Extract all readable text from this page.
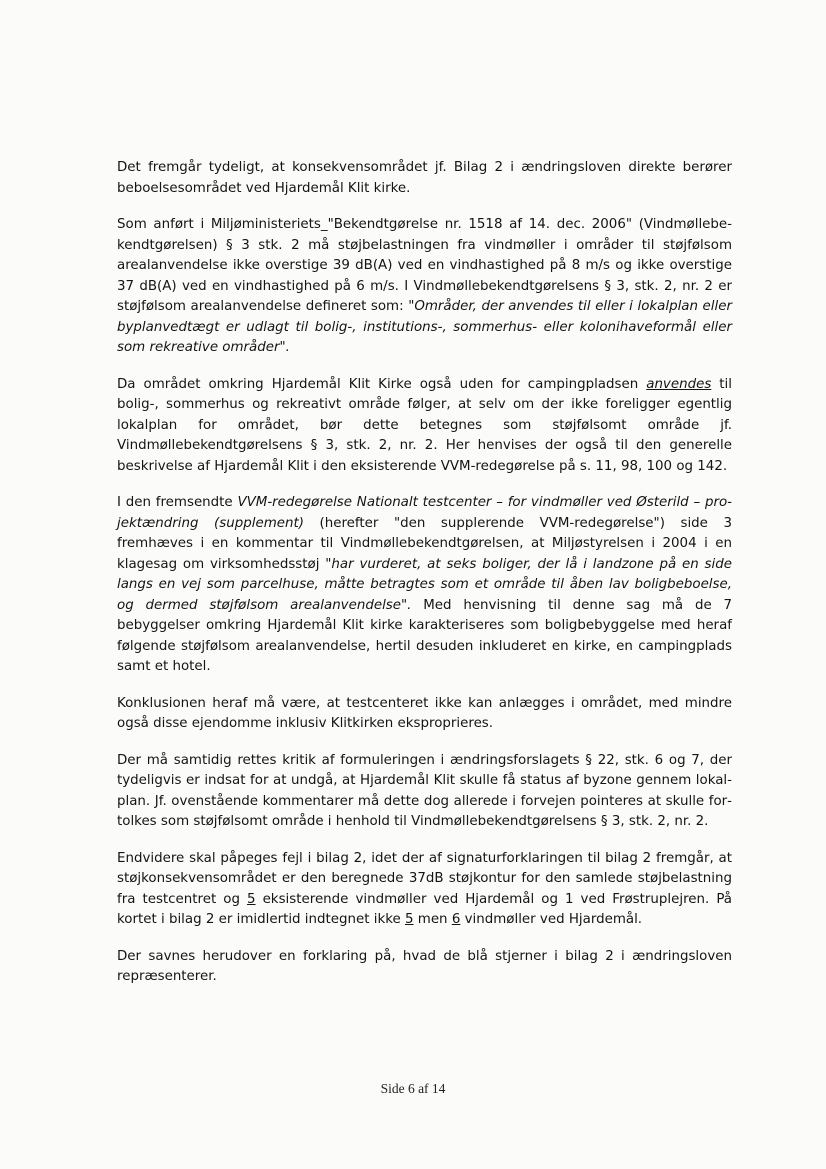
Det fremgår tydeligt, at konsekvensområdet jf. Bilag 2 i ændringsloven direkte berører beboelsesområdet ved Hjardemål Klit kirke.

Som anført i Miljøministeriets_"Bekendtgørelse nr. 1518 af 14. dec. 2006" (Vindmøllebekendtgørelsen) § 3 stk. 2 må støjbelastningen fra vindmøller i områder til støjfølsom arealanvendelse ikke overstige 39 dB(A) ved en vindhastighed på 8 m/s og ikke overstige 37 dB(A) ved en vindhastighed på 6 m/s. I Vindmøllebekendtgørelsens § 3, stk. 2, nr. 2 er støjfølsom arealanvendelse defineret som: "Områder, der anvendes til eller i lokalplan eller byplanvedtægt er udlagt til bolig-, institutions-, sommerhus- eller kolonihaveformål eller som rekreative områder".

Da området omkring Hjardemål Klit Kirke også uden for campingpladsen anvendes til bolig-, sommerhus og rekreativt område følger, at selv om der ikke foreligger egentlig lokalplan for området, bør dette betegnes som støjfølsomt område jf. Vindmøllebekendtgørelsens § 3, stk. 2, nr. 2. Her henvises der også til den generelle beskrivelse af Hjardemål Klit i den eksisterende VVM-redegørelse på s. 11, 98, 100 og 142.

I den fremsendte VVM-redegørelse Nationalt testcenter – for vindmøller ved Østerild – projektændring (supplement) (herefter "den supplerende VVM-redegørelse") side 3 fremhæves i en kommentar til Vindmøllebekendtgørelsen, at Miljøstyrelsen i 2004 i en klagesag om virksomhedsstøj "har vurderet, at seks boliger, der lå i landzone på en side langs en vej som parcelhuse, måtte betragtes som et område til åben lav boligbeboelse, og dermed støjfølsom arealanvendelse". Med henvisning til denne sag må de 7 bebyggelser omkring Hjardemål Klit kirke karakteriseres som boligbebyggelse med heraf følgende støjfølsom arealanvendelse, hertil desuden inkluderet en kirke, en campingplads samt et hotel.

Konklusionen heraf må være, at testcenteret ikke kan anlægges i området, med mindre også disse ejendomme inklusiv Klitkirken eksproprieres.

Der må samtidig rettes kritik af formuleringen i ændringsforslagets § 22, stk. 6 og 7, der tydeligvis er indsat for at undgå, at Hjardemål Klit skulle få status af byzone gennem lokalplan. Jf. ovenstående kommentarer må dette dog allerede i forvejen pointeres at skulle fortolkes som støjfølsomt område i henhold til Vindmøllebekendtgørelsens § 3, stk. 2, nr. 2.

Endvidere skal påpeges fejl i bilag 2, idet der af signaturforklaringen til bilag 2 fremgår, at støjkonsekvensområdet er den beregnede 37dB støjkontur for den samlede støjbelastning fra testcentret og 5 eksisterende vindmøller ved Hjardemål og 1 ved Frøstruplejren. På kortet i bilag 2 er imidlertid indtegnet ikke 5 men 6 vindmøller ved Hjardemål.

Der savnes herudover en forklaring på, hvad de blå stjerner i bilag 2 i ændringsloven repræsenterer.

Side 6 af 14
